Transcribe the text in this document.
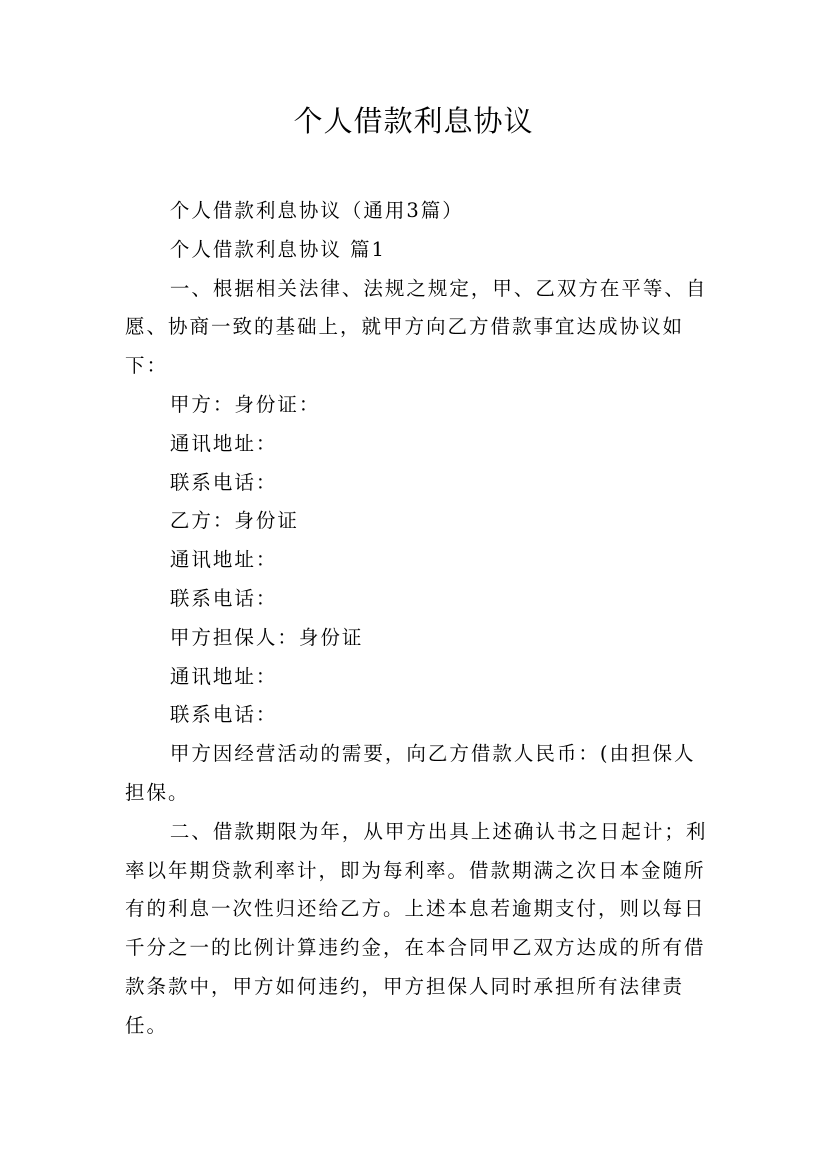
个人借款利息协议

个人借款利息协议（通用3篇）

个人借款利息协议 篇1

一、根据相关法律、法规之规定，甲、乙双方在平等、自愿、协商一致的基础上，就甲方向乙方借款事宜达成协议如下：

甲方：身份证：

通讯地址：

联系电话：

乙方：身份证

通讯地址：

联系电话：

甲方担保人：身份证

通讯地址：

联系电话：

甲方因经营活动的需要，向乙方借款人民币：(由担保人担保。

二、借款期限为年，从甲方出具上述确认书之日起计；利率以年期贷款利率计，即为每利率。借款期满之次日本金随所有的利息一次性归还给乙方。上述本息若逾期支付，则以每日千分之一的比例计算违约金，在本合同甲乙双方达成的所有借款条款中，甲方如何违约，甲方担保人同时承担所有法律责任。
